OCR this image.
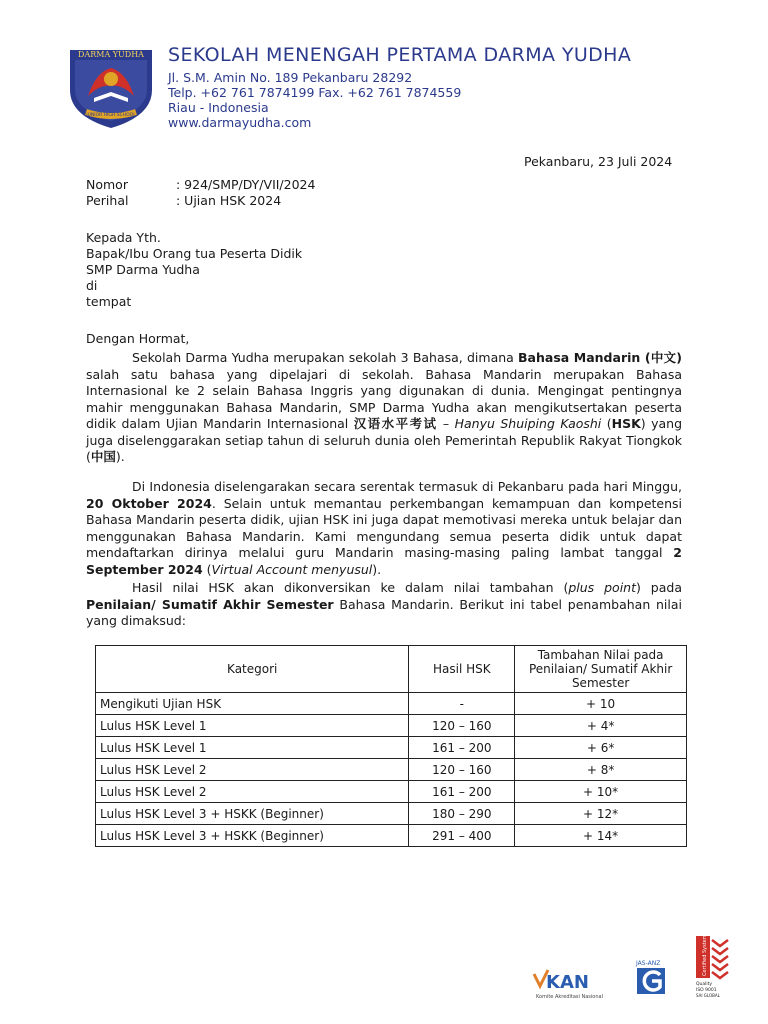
DARMA YUDHA
JUNIOR HIGH SCHOOL
SEKOLAH MENENGAH PERTAMA DARMA YUDHA
Jl. S.M. Amin No. 189 Pekanbaru 28292
Telp. +62 761 7874199 Fax. +62 761 7874559
Riau - Indonesia
www.darmayudha.com
Pekanbaru, 23 Juli 2024
Nomor	: 924/SMP/DY/VII/2024
Perihal	: Ujian HSK 2024
Kepada Yth.
Bapak/Ibu Orang tua Peserta Didik
SMP Darma Yudha
di
tempat
Dengan Hormat,
Sekolah Darma Yudha merupakan sekolah 3 Bahasa, dimana Bahasa Mandarin (中文) salah satu bahasa yang dipelajari di sekolah. Bahasa Mandarin merupakan Bahasa Internasional ke 2 selain Bahasa Inggris yang digunakan di dunia. Mengingat pentingnya mahir menggunakan Bahasa Mandarin, SMP Darma Yudha akan mengikutsertakan peserta didik dalam Ujian Mandarin Internasional 汉语水平考试 – Hanyu Shuiping Kaoshi (HSK) yang juga diselenggarakan setiap tahun di seluruh dunia oleh Pemerintah Republik Rakyat Tiongkok (中国).
Di Indonesia diselengarakan secara serentak termasuk di Pekanbaru pada hari Minggu, 20 Oktober 2024. Selain untuk memantau perkembangan kemampuan dan kompetensi Bahasa Mandarin peserta didik, ujian HSK ini juga dapat memotivasi mereka untuk belajar dan menggunakan Bahasa Mandarin. Kami mengundang semua peserta didik untuk dapat mendaftarkan dirinya melalui guru Mandarin masing-masing paling lambat tanggal 2 September 2024 (Virtual Account menyusul).
Hasil nilai HSK akan dikonversikan ke dalam nilai tambahan (plus point) pada Penilaian/ Sumatif Akhir Semester Bahasa Mandarin. Berikut ini tabel penambahan nilai yang dimaksud:
Kategori	Hasil HSK	Tambahan Nilai pada Penilaian/ Sumatif Akhir Semester
Mengikuti Ujian HSK	-	+ 10
Lulus HSK Level 1	120 – 160	+ 4*
Lulus HSK Level 1	161 – 200	+ 6*
Lulus HSK Level 2	120 – 160	+ 8*
Lulus HSK Level 2	161 – 200	+ 10*
Lulus HSK Level 3 + HSKK (Beginner)	180 – 290	+ 12*
Lulus HSK Level 3 + HSKK (Beginner)	291 – 400	+ 14*
KAN
Komite Akreditasi Nasional
JAS-ANZ	Certified System
Quality
ISO 9001
SAI GLOBAL
